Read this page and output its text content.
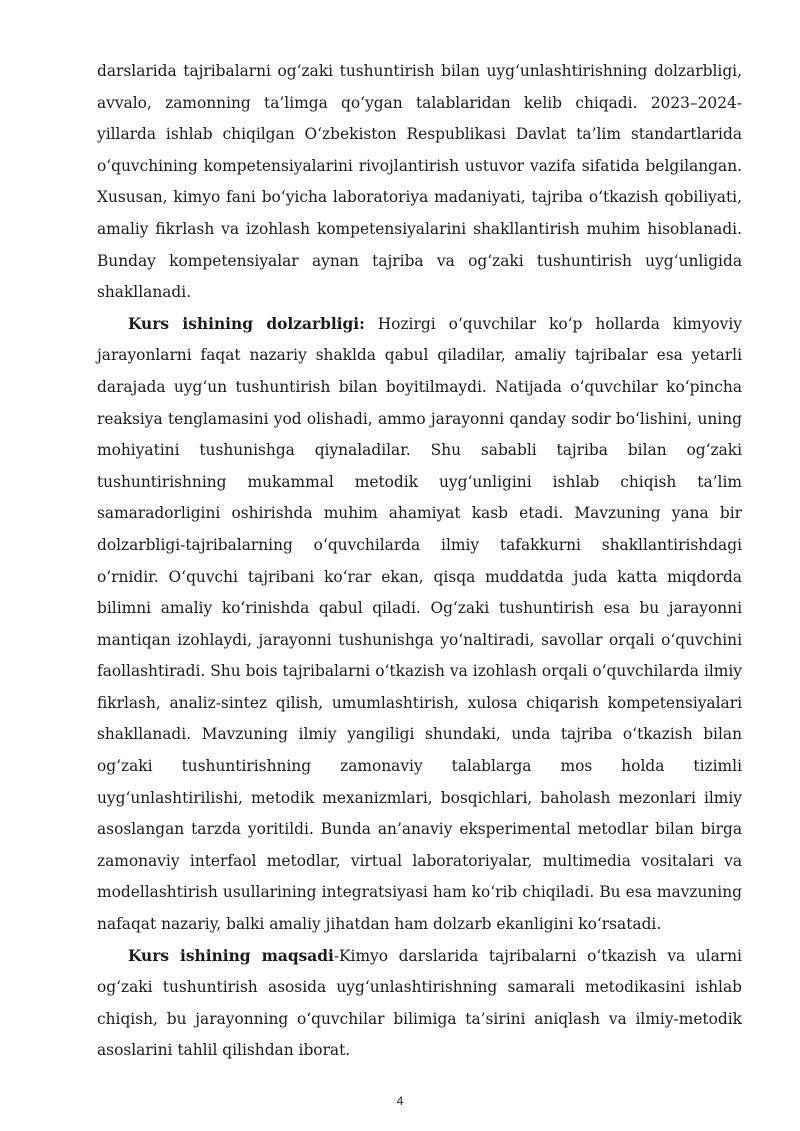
darslarida tajribalarni og‘zaki tushuntirish bilan uyg‘unlashtirishning dolzarbligi, avvalo, zamonning ta’limga qo‘ygan talablaridan kelib chiqadi. 2023–2024-yillarda ishlab chiqilgan O‘zbekiston Respublikasi Davlat ta’lim standartlarida o‘quvchining kompetensiyalarini rivojlantirish ustuvor vazifa sifatida belgilangan. Xususan, kimyo fani bo‘yicha laboratoriya madaniyati, tajriba o‘tkazish qobiliyati, amaliy fikrlash va izohlash kompetensiyalarini shakllantirish muhim hisoblanadi. Bunday kompetensiyalar aynan tajriba va og‘zaki tushuntirish uyg‘unligida shakllanadi.

Kurs ishining dolzarbligi: Hozirgi o‘quvchilar ko‘p hollarda kimyoviy jarayonlarni faqat nazariy shaklda qabul qiladilar, amaliy tajribalar esa yetarli darajada uyg‘un tushuntirish bilan boyitilmaydi. Natijada o‘quvchilar ko‘pincha reaksiya tenglamasini yod olishadi, ammo jarayonni qanday sodir bo‘lishini, uning mohiyatini tushunishga qiynaladilar. Shu sababli tajriba bilan og‘zaki tushuntirishning mukammal metodik uyg‘unligini ishlab chiqish ta’lim samaradorligini oshirishda muhim ahamiyat kasb etadi. Mavzuning yana bir dolzarbligi-tajribalarning o‘quvchilarda ilmiy tafakkurni shakllantirishdagi o‘rnidir. O‘quvchi tajribani ko‘rar ekan, qisqa muddatda juda katta miqdorda bilimni amaliy ko‘rinishda qabul qiladi. Og‘zaki tushuntirish esa bu jarayonni mantiqan izohlaydi, jarayonni tushunishga yo‘naltiradi, savollar orqali o‘quvchini faollashtiradi. Shu bois tajribalarni o‘tkazish va izohlash orqali o‘quvchilarda ilmiy fikrlash, analiz-sintez qilish, umumlashtirish, xulosa chiqarish kompetensiyalari shakllanadi. Mavzuning ilmiy yangiligi shundaki, unda tajriba o‘tkazish bilan og‘zaki tushuntirishning zamonaviy talablarga mos holda tizimli uyg‘unlashtirilishi, metodik mexanizmlari, bosqichlari, baholash mezonlari ilmiy asoslangan tarzda yoritildi. Bunda an’anaviy eksperimental metodlar bilan birga zamonaviy interfaol metodlar, virtual laboratoriyalar, multimedia vositalari va modellashtirish usullarining integratsiyasi ham ko‘rib chiqiladi. Bu esa mavzuning nafaqat nazariy, balki amaliy jihatdan ham dolzarb ekanligini ko‘rsatadi.

Kurs ishining maqsadi-Kimyo darslarida tajribalarni o‘tkazish va ularni og‘zaki tushuntirish asosida uyg‘unlashtirishning samarali metodikasini ishlab chiqish, bu jarayonning o‘quvchilar bilimiga ta’sirini aniqlash va ilmiy-metodik asoslarini tahlil qilishdan iborat.

4
